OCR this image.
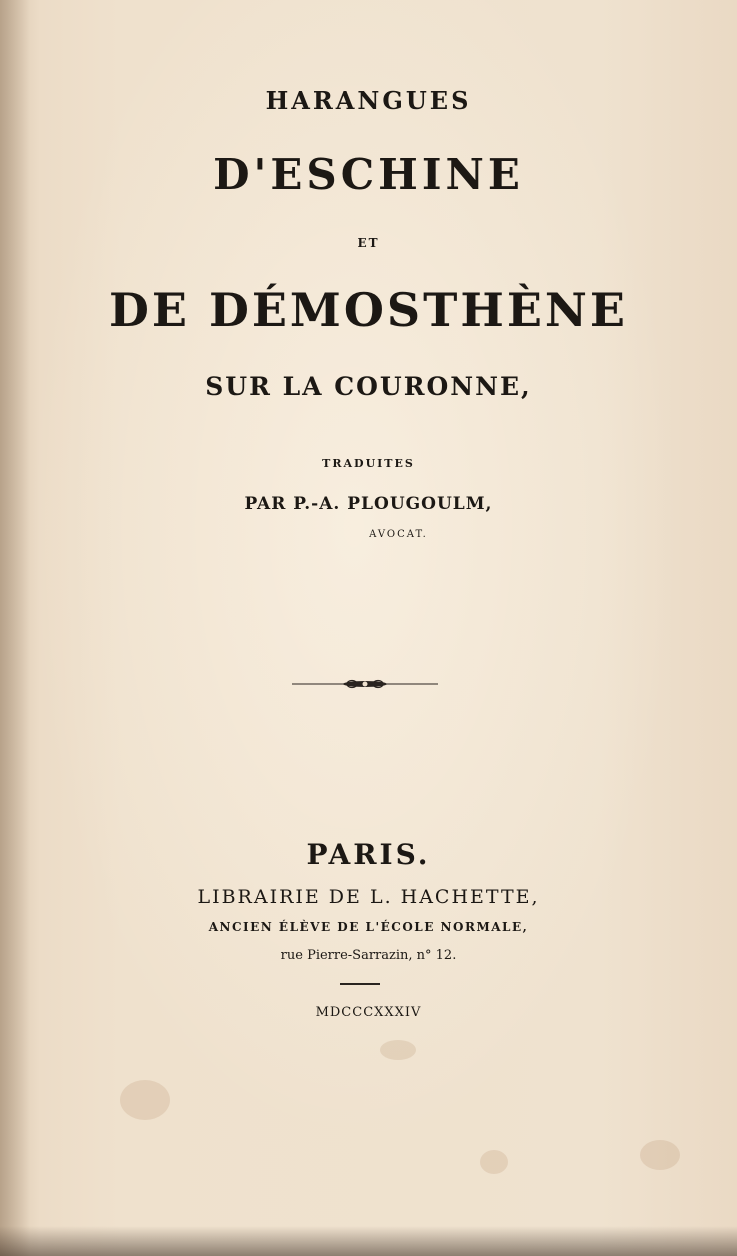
HARANGUES

D'ESCHINE

ET

DE DÉMOSTHÈNE

SUR LA COURONNE,

TRADUITES

PAR P.-A. PLOUGOULM,

AVOCAT.

PARIS.

LIBRAIRIE DE L. HACHETTE,

ANCIEN ÉLÈVE DE L'ÉCOLE NORMALE,

rue Pierre-Sarrazin, n° 12.

MDCCCXXXIV
